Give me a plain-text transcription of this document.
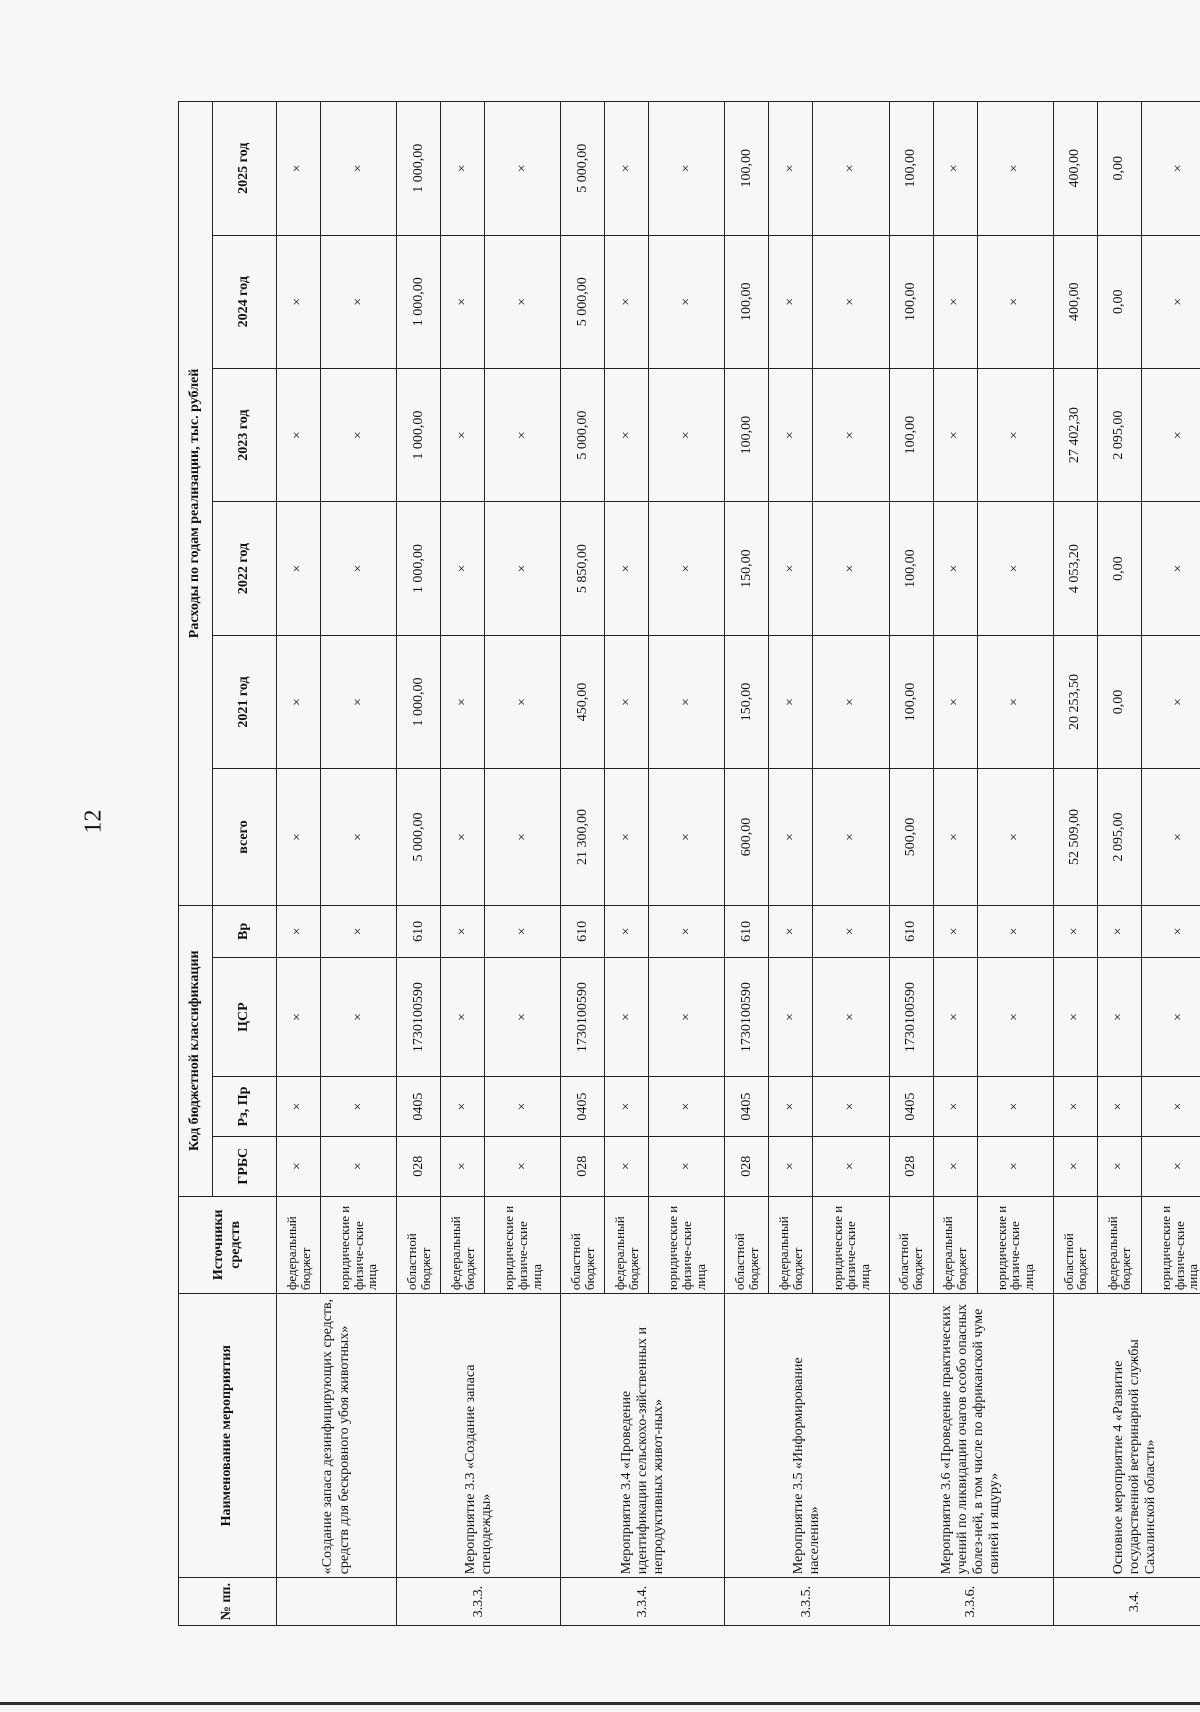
12
№ пп.	Наименование мероприятия	Источники средств	Код бюджетной классификации				Расходы по годам реализации, тыс. рублей					
			ГРБС	Рз, Пр	ЦСР	Вр	всего	2021 год	2022 год	2023 год	2024 год	2025 год
	«Создание запаса дезинфицирующих средств, средств для бескровного убоя животных»	федеральный бюджет	×	×	×	×	×	×	×	×	×	×
		юридические и физиче-ские лица	×	×	×	×	×	×	×	×	×	×
3.3.3.	Мероприятие 3.3 «Создание запаса спецодежды»	областной бюджет	028	0405	1730100590	610	5 000,00	1 000,00	1 000,00	1 000,00	1 000,00	1 000,00
		федеральный бюджет	×	×	×	×	×	×	×	×	×	×
		юридические и физиче-ские лица	×	×	×	×	×	×	×	×	×	×
3.3.4.	Мероприятие 3.4 «Проведение идентификации сельскохо-зяйственных и непродуктивных живот-ных»	областной бюджет	028	0405	1730100590	610	21 300,00	450,00	5 850,00	5 000,00	5 000,00	5 000,00
		федеральный бюджет	×	×	×	×	×	×	×	×	×	×
		юридические и физиче-ские лица	×	×	×	×	×	×	×	×	×	×
3.3.5.	Мероприятие 3.5 «Информирование населения»	областной бюджет	028	0405	1730100590	610	600,00	150,00	150,00	100,00	100,00	100,00
		федеральный бюджет	×	×	×	×	×	×	×	×	×	×
		юридические и физиче-ские лица	×	×	×	×	×	×	×	×	×	×
3.3.6.	Мероприятие 3.6 «Проведение практических учений по ликвидации очагов особо опасных болез-ней, в том числе по африканской чуме свиней и ящуру»	областной бюджет	028	0405	1730100590	610	500,00	100,00	100,00	100,00	100,00	100,00
		федеральный бюджет	×	×	×	×	×	×	×	×	×	×
		юридические и физиче-ские лица	×	×	×	×	×	×	×	×	×	×
3.4.	Основное мероприятие 4 «Развитие государственной ветеринарной службы Сахалинской области»	областной бюджет	×	×	×	×	52 509,00	20 253,50	4 053,20	27 402,30	400,00	400,00
		федеральный бюджет	×	×	×	×	2 095,00	0,00	0,00	2 095,00	0,00	0,00
		юридические и физиче-ские лица	×	×	×	×	×	×	×	×	×	×
